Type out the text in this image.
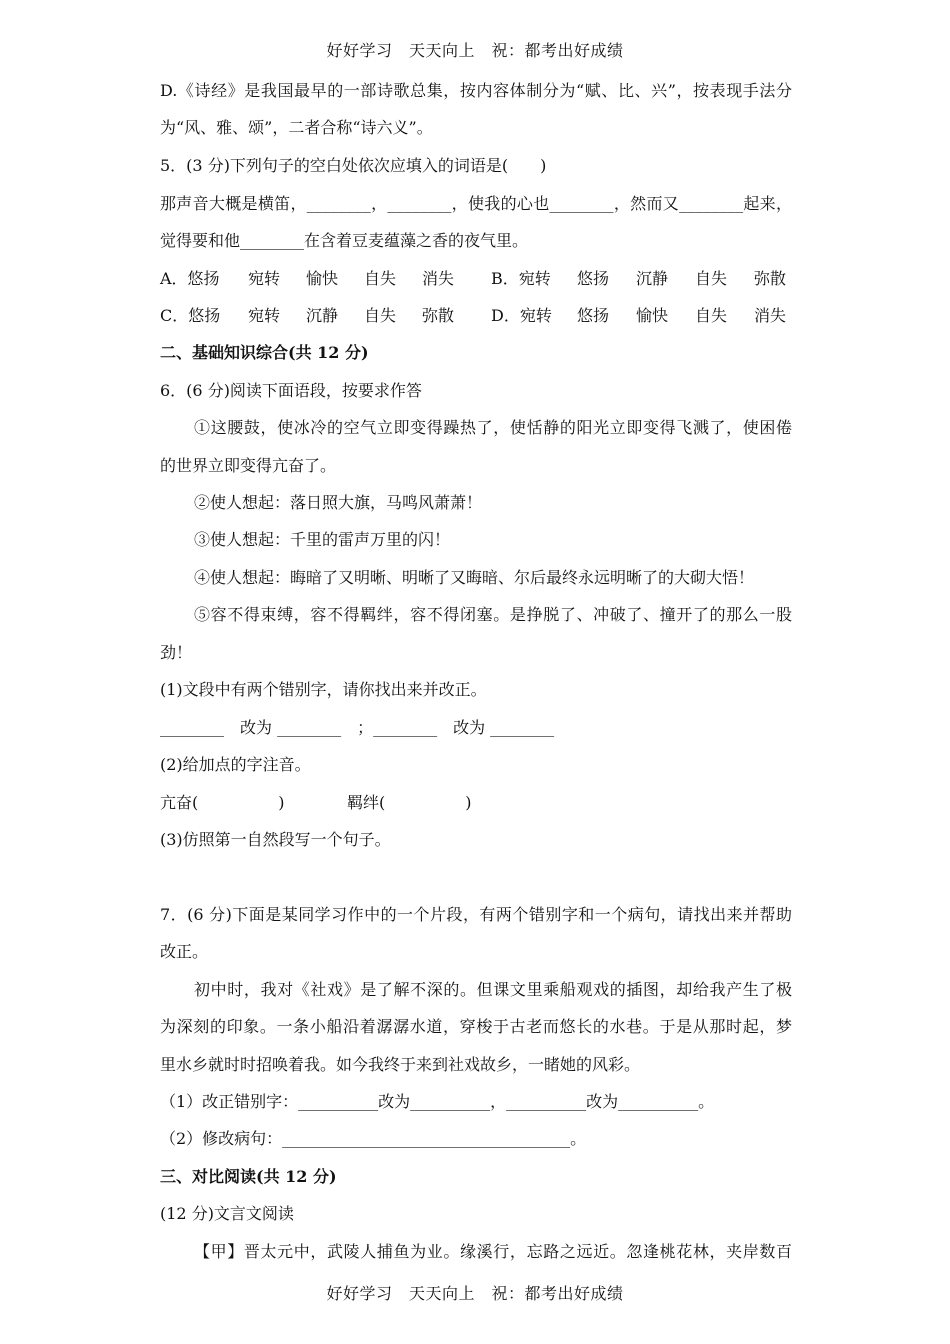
好好学习　天天向上　祝：都考出好成绩
D.《诗经》是我国最早的一部诗歌总集，按内容体制分为“赋、比、兴”，按表现手法分
为“风、雅、颂”，二者合称“诗六义”。
5．(3 分)下列句子的空白处依次应填入的词语是(　　)
那声音大概是横笛，________，________，使我的心也________，然而又________起来，
觉得要和他________在含着豆麦蕴藻之香的夜气里。
A．悠扬 宛转 愉快 自失 消失	B．宛转 悠扬 沉静 自失 弥散
C．悠扬 宛转 沉静 自失 弥散	D．宛转 悠扬 愉快 自失 消失
二、基础知识综合(共 12 分)
6．(6 分)阅读下面语段，按要求作答
①这腰鼓，使冰冷的空气立即变得躁热了，使恬静的阳光立即变得飞溅了，使困倦
的世界立即变得亢奋了。
②使人想起：落日照大旗，马鸣风萧萧！
③使人想起：千里的雷声万里的闪！
④使人想起：晦暗了又明晰、明晰了又晦暗、尔后最终永远明晰了的大砌大悟！
⑤容不得束缚，容不得羁绊，容不得闭塞。是挣脱了、冲破了、撞开了的那么一股
劲！
(1)文段中有两个错别字，请你找出来并改正。
________　改为 ________　；________　改为 ________
(2)给加点的字注音。
亢奋(　　　　　)	羁绊(　　　　　)
(3)仿照第一自然段写一个句子。
7．(6 分)下面是某同学习作中的一个片段，有两个错别字和一个病句，请找出来并帮助
改正。
初中时，我对《社戏》是了解不深的。但课文里乘船观戏的插图，却给我产生了极
为深刻的印象。一条小船沿着潺潺水道，穿梭于古老而悠长的水巷。于是从那时起，梦
里水乡就时时招唤着我。如今我终于来到社戏故乡，一睹她的风彩。
（1）改正错别字：__________改为__________，__________改为__________。
（2）修改病句：____________________________________。
三、对比阅读(共 12 分)
(12 分)文言文阅读
【甲】晋太元中，武陵人捕鱼为业。缘溪行，忘路之远近。忽逢桃花林，夹岸数百
好好学习　天天向上　祝：都考出好成绩
